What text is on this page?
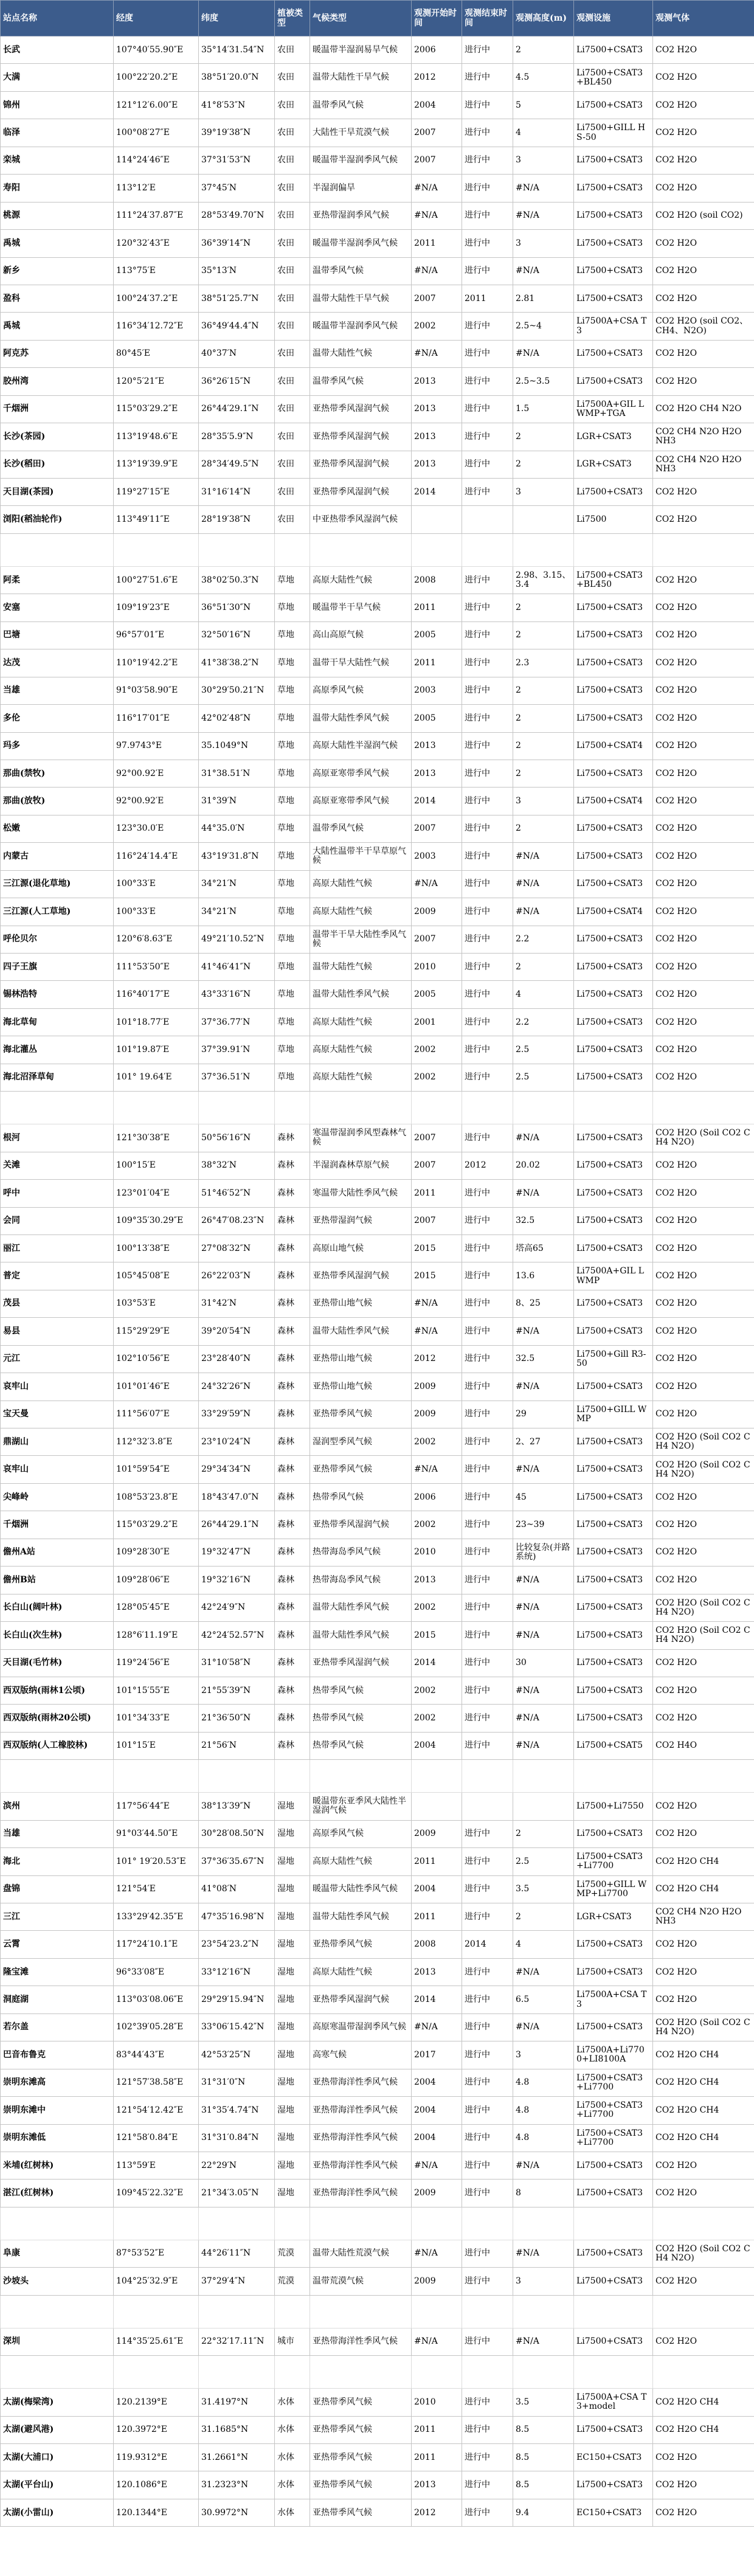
站点名称	经度	纬度	植被类型	气候类型	观测开始时间	观测结束时间	观测高度(m)	观测设施	观测气体
长武	107°40′55.90″E	35°14′31.54″N	农田	暖温带半湿润易旱气候	2006	进行中	2	Li7500+CSAT3	CO2 H2O
大满	100°22′20.2″E	38°51′20.0″N	农田	温带大陆性干旱气候	2012	进行中	4.5	Li7500+CSAT3 +BL450	CO2 H2O
锦州	121°12′6.00″E	41°8′53″N	农田	温带季风气候	2004	进行中	5	Li7500+CSAT3	CO2 H2O
临泽	100°08′27″E	39°19′38″N	农田	大陆性干旱荒漠气候	2007	进行中	4	Li7500+GILL HS-50	CO2 H2O
栾城	114°24′46″E	37°31′53″N	农田	暖温带半湿润季风气候	2007	进行中	3	Li7500+CSAT3	CO2 H2O
寿阳	113°12′E	37°45′N	农田	半湿润偏旱	#N/A	进行中	#N/A	Li7500+CSAT3	CO2 H2O
桃源	111°24′37.87″E	28°53′49.70″N	农田	亚热带湿润季风气候	#N/A	进行中	#N/A	Li7500+CSAT3	CO2 H2O (soil CO2)
禹城	120°32′43″E	36°39′14″N	农田	暖温带半湿润季风气候	2011	进行中	3	Li7500+CSAT3	CO2 H2O
新乡	113°75′E	35°13′N	农田	温带季风气候	#N/A	进行中	#N/A	Li7500+CSAT3	CO2 H2O
盈科	100°24′37.2″E	38°51′25.7″N	农田	温带大陆性干旱气候	2007	2011	2.81	Li7500+CSAT3	CO2 H2O
禹城	116°34′12.72″E	36°49′44.4″N	农田	暖温带半湿润季风气候	2002	进行中	2.5~4	Li7500A+CSA T3	CO2 H2O (soil CO2、CH4、N2O)
阿克苏	80°45′E	40°37′N	农田	温带大陆性气候	#N/A	进行中	#N/A	Li7500+CSAT3	CO2 H2O
胶州湾	120°5′21″E	36°26′15″N	农田	温带季风气候	2013	进行中	2.5~3.5	Li7500+CSAT3	CO2 H2O
千烟洲	115°03′29.2″E	26°44′29.1″N	农田	亚热带季风湿润气候	2013	进行中	1.5	Li7500A+GIL L WMP+TGA	CO2 H2O CH4 N2O
长沙(茶园)	113°19′48.6″E	28°35′5.9″N	农田	亚热带季风湿润气候	2013	进行中	2	LGR+CSAT3	CO2 CH4 N2O H2O NH3
长沙(稻田)	113°19′39.9″E	28°34′49.5″N	农田	亚热带季风湿润气候	2013	进行中	2	LGR+CSAT3	CO2 CH4 N2O H2O NH3
天目湖(茶园)	119°27′15″E	31°16′14″N	农田	亚热带季风湿润气候	2014	进行中	3	Li7500+CSAT3	CO2 H2O
浏阳(稻油轮作)	113°49′11″E	28°19′38″N	农田	中亚热带季风湿润气候				Li7500	CO2 H2O

阿柔	100°27′51.6″E	38°02′50.3″N	草地	高原大陆性气候	2008	进行中	2.98、3.15、3.4	Li7500+CSAT3 +BL450	CO2 H2O
安塞	109°19′23″E	36°51′30″N	草地	暖温带半干旱气候	2011	进行中	2	Li7500+CSAT3	CO2 H2O
巴塘	96°57′01″E	32°50′16″N	草地	高山高原气候	2005	进行中	2	Li7500+CSAT3	CO2 H2O
达茂	110°19′42.2″E	41°38′38.2″N	草地	温带干旱大陆性气候	2011	进行中	2.3	Li7500+CSAT3	CO2 H2O
当雄	91°03′58.90″E	30°29′50.21″N	草地	高原季风气候	2003	进行中	2	Li7500+CSAT3	CO2 H2O
多伦	116°17′01″E	42°02′48″N	草地	温带大陆性季风气候	2005	进行中	2	Li7500+CSAT3	CO2 H2O
玛多	97.9743°E	35.1049°N	草地	高原大陆性半湿润气候	2013	进行中	2	Li7500+CSAT4	CO2 H2O
那曲(禁牧)	92°00.92′E	31°38.51′N	草地	高原亚寒带季风气候	2013	进行中	2	Li7500+CSAT3	CO2 H2O
那曲(放牧)	92°00.92′E	31°39′N	草地	高原亚寒带季风气候	2014	进行中	3	Li7500+CSAT4	CO2 H2O
松嫩	123°30.0′E	44°35.0′N	草地	温带季风气候	2007	进行中	2	Li7500+CSAT3	CO2 H2O
内蒙古	116°24′14.4″E	43°19′31.8″N	草地	大陆性温带半干旱草原气候	2003	进行中	#N/A	Li7500+CSAT3	CO2 H2O
三江源(退化草地)	100°33′E	34°21′N	草地	高原大陆性气候	#N/A	进行中	#N/A	Li7500+CSAT3	CO2 H2O
三江源(人工草地)	100°33′E	34°21′N	草地	高原大陆性气候	2009	进行中	#N/A	Li7500+CSAT4	CO2 H2O
呼伦贝尔	120°6′8.63″E	49°21′10.52″N	草地	温带半干旱大陆性季风气候	2007	进行中	2.2	Li7500+CSAT3	CO2 H2O
四子王旗	111°53′50″E	41°46′41″N	草地	温带大陆性气候	2010	进行中	2	Li7500+CSAT3	CO2 H2O
锡林浩特	116°40′17″E	43°33′16″N	草地	温带大陆性季风气候	2005	进行中	4	Li7500+CSAT3	CO2 H2O
海北草甸	101°18.77′E	37°36.77′N	草地	高原大陆性气候	2001	进行中	2.2	Li7500+CSAT3	CO2 H2O
海北灌丛	101°19.87′E	37°39.91′N	草地	高原大陆性气候	2002	进行中	2.5	Li7500+CSAT3	CO2 H2O
海北沼泽草甸	101° 19.64′E	37°36.51′N	草地	高原大陆性气候	2002	进行中	2.5	Li7500+CSAT3	CO2 H2O

根河	121°30′38″E	50°56′16″N	森林	寒温带湿润季风型森林气候	2007	进行中	#N/A	Li7500+CSAT3	CO2 H2O (Soil CO2 CH4 N2O)
关滩	100°15′E	38°32′N	森林	半湿润森林草原气候	2007	2012	20.02	Li7500+CSAT3	CO2 H2O
呼中	123°01′04″E	51°46′52″N	森林	寒温带大陆性季风气候	2011	进行中	#N/A	Li7500+CSAT3	CO2 H2O
会同	109°35′30.29″E	26°47′08.23″N	森林	亚热带湿润气候	2007	进行中	32.5	Li7500+CSAT3	CO2 H2O
丽江	100°13′38″E	27°08′32″N	森林	高原山地气候	2015	进行中	塔高65	Li7500+CSAT3	CO2 H2O
普定	105°45′08″E	26°22′03″N	森林	亚热带季风湿润气候	2015	进行中	13.6	Li7500A+GIL L WMP	CO2 H2O
茂县	103°53′E	31°42′N	森林	亚热带山地气候	#N/A	进行中	8、25	Li7500+CSAT3	CO2 H2O
易县	115°29′29″E	39°20′54″N	森林	温带大陆性季风气候	#N/A	进行中	#N/A	Li7500+CSAT3	CO2 H2O
元江	102°10′56″E	23°28′40″N	森林	亚热带山地气候	2012	进行中	32.5	Li7500+Gill R3-50	CO2 H2O
哀牢山	101°01′46″E	24°32′26″N	森林	亚热带山地气候	2009	进行中	#N/A	Li7500+CSAT3	CO2 H2O
宝天曼	111°56′07″E	33°29′59″N	森林	亚热带季风气候	2009	进行中	29	Li7500+GILL WMP	CO2 H2O
鼎湖山	112°32′3.8″E	23°10′24″N	森林	湿润型季风气候	2002	进行中	2、27	Li7500+CSAT3	CO2 H2O (Soil CO2 CH4 N2O)
哀牢山	101°59′54″E	29°34′34″N	森林	亚热带季风气候	#N/A	进行中	#N/A	Li7500+CSAT3	CO2 H2O (Soil CO2 CH4 N2O)
尖峰岭	108°53′23.8″E	18°43′47.0″N	森林	热带季风气候	2006	进行中	45	Li7500+CSAT3	CO2 H2O
千烟洲	115°03′29.2″E	26°44′29.1″N	森林	亚热带季风湿润气候	2002	进行中	23~39	Li7500+CSAT3	CO2 H2O
儋州A站	109°28′30″E	19°32′47″N	森林	热带海岛季风气候	2010	进行中	比较复杂(并路系统)	Li7500+CSAT3	CO2 H2O
儋州B站	109°28′06″E	19°32′16″N	森林	热带海岛季风气候	2013	进行中	#N/A	Li7500+CSAT3	CO2 H2O
长白山(阔叶林)	128°05′45″E	42°24′9″N	森林	温带大陆性季风气候	2002	进行中	#N/A	Li7500+CSAT3	CO2 H2O (Soil CO2 CH4 N2O)
长白山(次生林)	128°6′11.19″E	42°24′52.57″N	森林	温带大陆性季风气候	2015	进行中	#N/A	Li7500+CSAT3	CO2 H2O (Soil CO2 CH4 N2O)
天目湖(毛竹林)	119°24′56″E	31°10′58″N	森林	亚热带季风湿润气候	2014	进行中	30	Li7500+CSAT3	CO2 H2O
西双版纳(雨林1公顷)	101°15′55″E	21°55′39″N	森林	热带季风气候	2002	进行中	#N/A	Li7500+CSAT3	CO2 H2O
西双版纳(雨林20公顷)	101°34′33″E	21°36′50″N	森林	热带季风气候	2002	进行中	#N/A	Li7500+CSAT3	CO2 H2O
西双版纳(人工橡胶林)	101°15′E	21°56′N	森林	热带季风气候	2004	进行中	#N/A	Li7500+CSAT5	CO2 H4O

滨州	117°56′44″E	38°13′39″N	湿地	暖温带东亚季风大陆性半湿润气候				Li7500+Li7550	CO2 H2O
当雄	91°03′44.50″E	30°28′08.50″N	湿地	高原季风气候	2009	进行中	2	Li7500+CSAT3	CO2 H2O
海北	101° 19′20.53″E	37°36′35.67″N	湿地	高原大陆性气候	2011	进行中	2.5	Li7500+CSAT3 +Li7700	CO2 H2O CH4
盘锦	121°54′E	41°08′N	湿地	暖温带大陆性季风气候	2004	进行中	3.5	Li7500+GILL WMP+Li7700	CO2 H2O CH4
三江	133°29′42.35″E	47°35′16.98″N	湿地	温带大陆性季风气候	2011	进行中	2	LGR+CSAT3	CO2 CH4 N2O H2O NH3
云霄	117°24′10.1″E	23°54′23.2″N	湿地	亚热带季风气候	2008	2014	4	Li7500+CSAT3	CO2 H2O
隆宝滩	96°33′08″E	33°12′16″N	湿地	高原大陆性气候	2013	进行中	#N/A	Li7500+CSAT3	CO2 H2O
洞庭湖	113°03′08.06″E	29°29′15.94″N	湿地	亚热带季风湿润气候	2014	进行中	6.5	Li7500A+CSA T3	CO2 H2O
若尔盖	102°39′05.28″E	33°06′15.42″N	湿地	高原寒温带湿润季风气候	#N/A	进行中	#N/A	Li7500+CSAT3	CO2 H2O (Soil CO2 CH4 N2O)
巴音布鲁克	83°44′43″E	42°53′25″N	湿地	高寒气候	2017	进行中	3	Li7500A+Li770 0+LI8100A	CO2 H2O CH4
崇明东滩高	121°57′38.58″E	31°31′0″N	湿地	亚热带海洋性季风气候	2004	进行中	4.8	Li7500+CSAT3 +Li7700	CO2 H2O CH4
崇明东滩中	121°54′12.42″E	31°35′4.74″N	湿地	亚热带海洋性季风气候	2004	进行中	4.8	Li7500+CSAT3 +Li7700	CO2 H2O CH4
崇明东滩低	121°58′0.84″E	31°31′0.84″N	湿地	亚热带海洋性季风气候	2004	进行中	4.8	Li7500+CSAT3 +Li7700	CO2 H2O CH4
米埔(红树林)	113°59′E	22°29′N	湿地	亚热带海洋性季风气候	#N/A	进行中	#N/A	Li7500+CSAT3	CO2 H2O
湛江(红树林)	109°45′22.32″E	21°34′3.05″N	湿地	亚热带海洋性季风气候	2009	进行中	8	Li7500+CSAT3	CO2 H2O

阜康	87°53′52″E	44°26′11″N	荒漠	温带大陆性荒漠气候	#N/A	进行中	#N/A	Li7500+CSAT3	CO2 H2O (Soil CO2 CH4 N2O)
沙坡头	104°25′32.9″E	37°29′4″N	荒漠	温带荒漠气候	2009	进行中	3	Li7500+CSAT3	CO2 H2O

深圳	114°35′25.61″E	22°32′17.11″N	城市	亚热带海洋性季风气候	#N/A	进行中	#N/A	Li7500+CSAT3	CO2 H2O

太湖(梅梁湾)	120.2139°E	31.4197°N	水体	亚热带季风气候	2010	进行中	3.5	Li7500A+CSA T3+model	CO2 H2O CH4
太湖(避风港)	120.3972°E	31.1685°N	水体	亚热带季风气候	2011	进行中	8.5	Li7500+CSAT3	CO2 H2O CH4
太湖(大浦口)	119.9312°E	31.2661°N	水体	亚热带季风气候	2011	进行中	8.5	EC150+CSAT3	CO2 H2O
太湖(平台山)	120.1086°E	31.2323°N	水体	亚热带季风气候	2013	进行中	8.5	Li7500+CSAT3	CO2 H2O
太湖(小雷山)	120.1344°E	30.9972°N	水体	亚热带季风气候	2012	进行中	9.4	EC150+CSAT3	CO2 H2O
